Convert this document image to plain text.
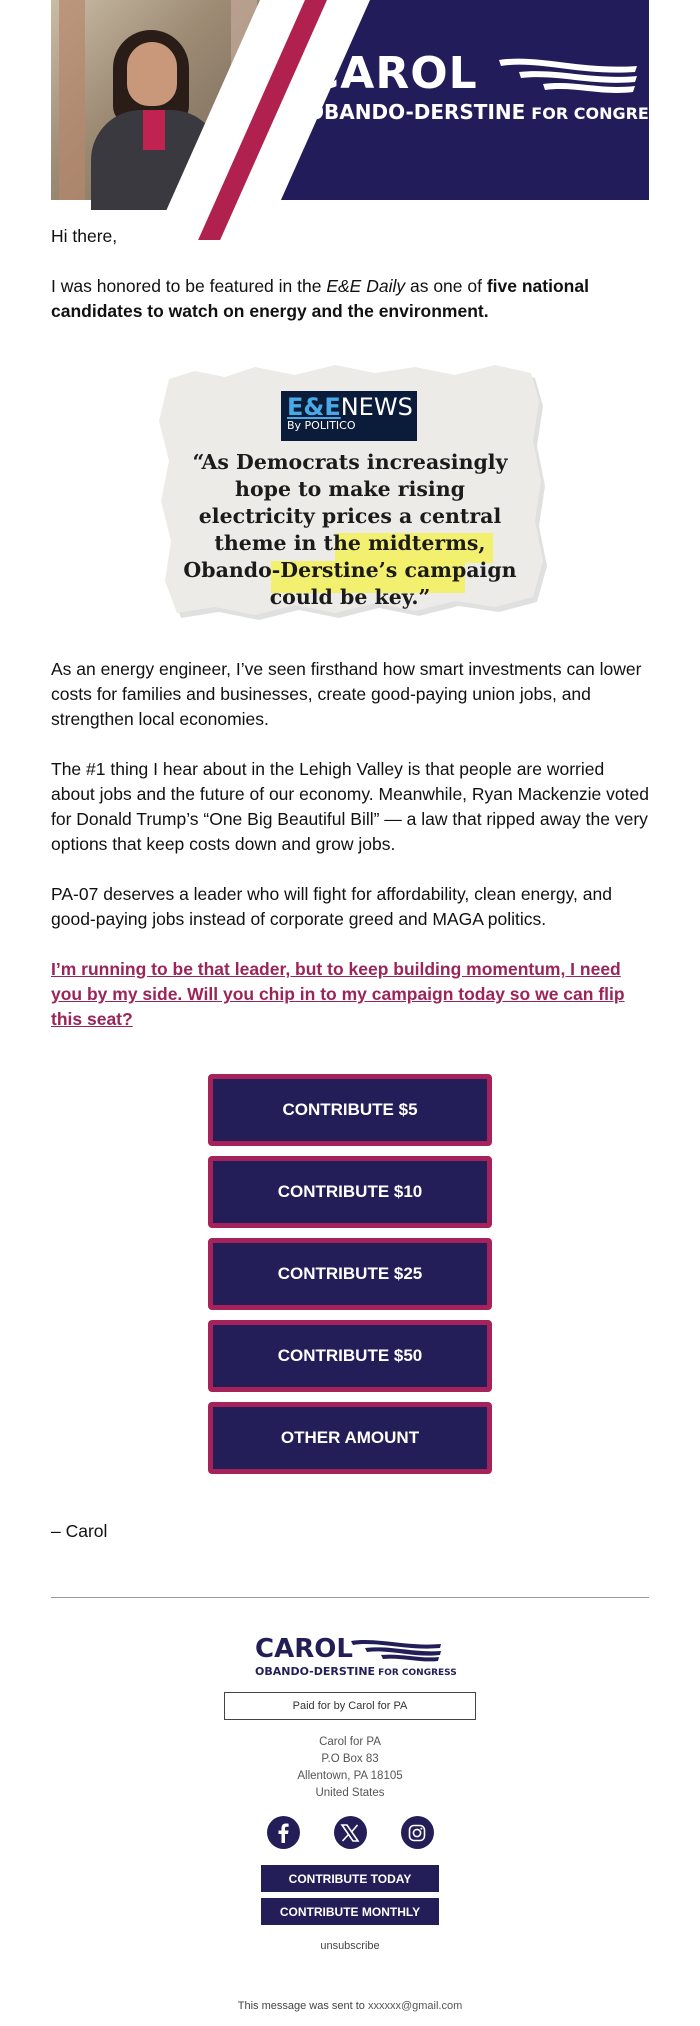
CAROL
OBANDO-DERSTINE FOR CONGRESS
Hi there,
I was honored to be featured in the E&E Daily as one of five national candidates to watch on energy and the environment.
E&ENEWS
By POLITICO
“As Democrats increasingly hope to make rising electricity prices a central theme in the midterms, Obando-Derstine’s campaign could be key.”
As an energy engineer, I’ve seen firsthand how smart investments can lower costs for families and businesses, create good-paying union jobs, and strengthen local economies.
The #1 thing I hear about in the Lehigh Valley is that people are worried about jobs and the future of our economy. Meanwhile, Ryan Mackenzie voted for Donald Trump’s “One Big Beautiful Bill” — a law that ripped away the very options that keep costs down and grow jobs.
PA-07 deserves a leader who will fight for affordability, clean energy, and good-paying jobs instead of corporate greed and MAGA politics.
I’m running to be that leader, but to keep building momentum, I need you by my side. Will you chip in to my campaign today so we can flip this seat?
CONTRIBUTE $5
CONTRIBUTE $10
CONTRIBUTE $25
CONTRIBUTE $50
OTHER AMOUNT
– Carol
CAROL
OBANDO-DERSTINE FOR CONGRESS
Paid for by Carol for PA
Carol for PA
P.O Box 83
Allentown, PA 18105
United States
CONTRIBUTE TODAY
CONTRIBUTE MONTHLY
unsubscribe
This message was sent to xxxxxx@gmail.com
